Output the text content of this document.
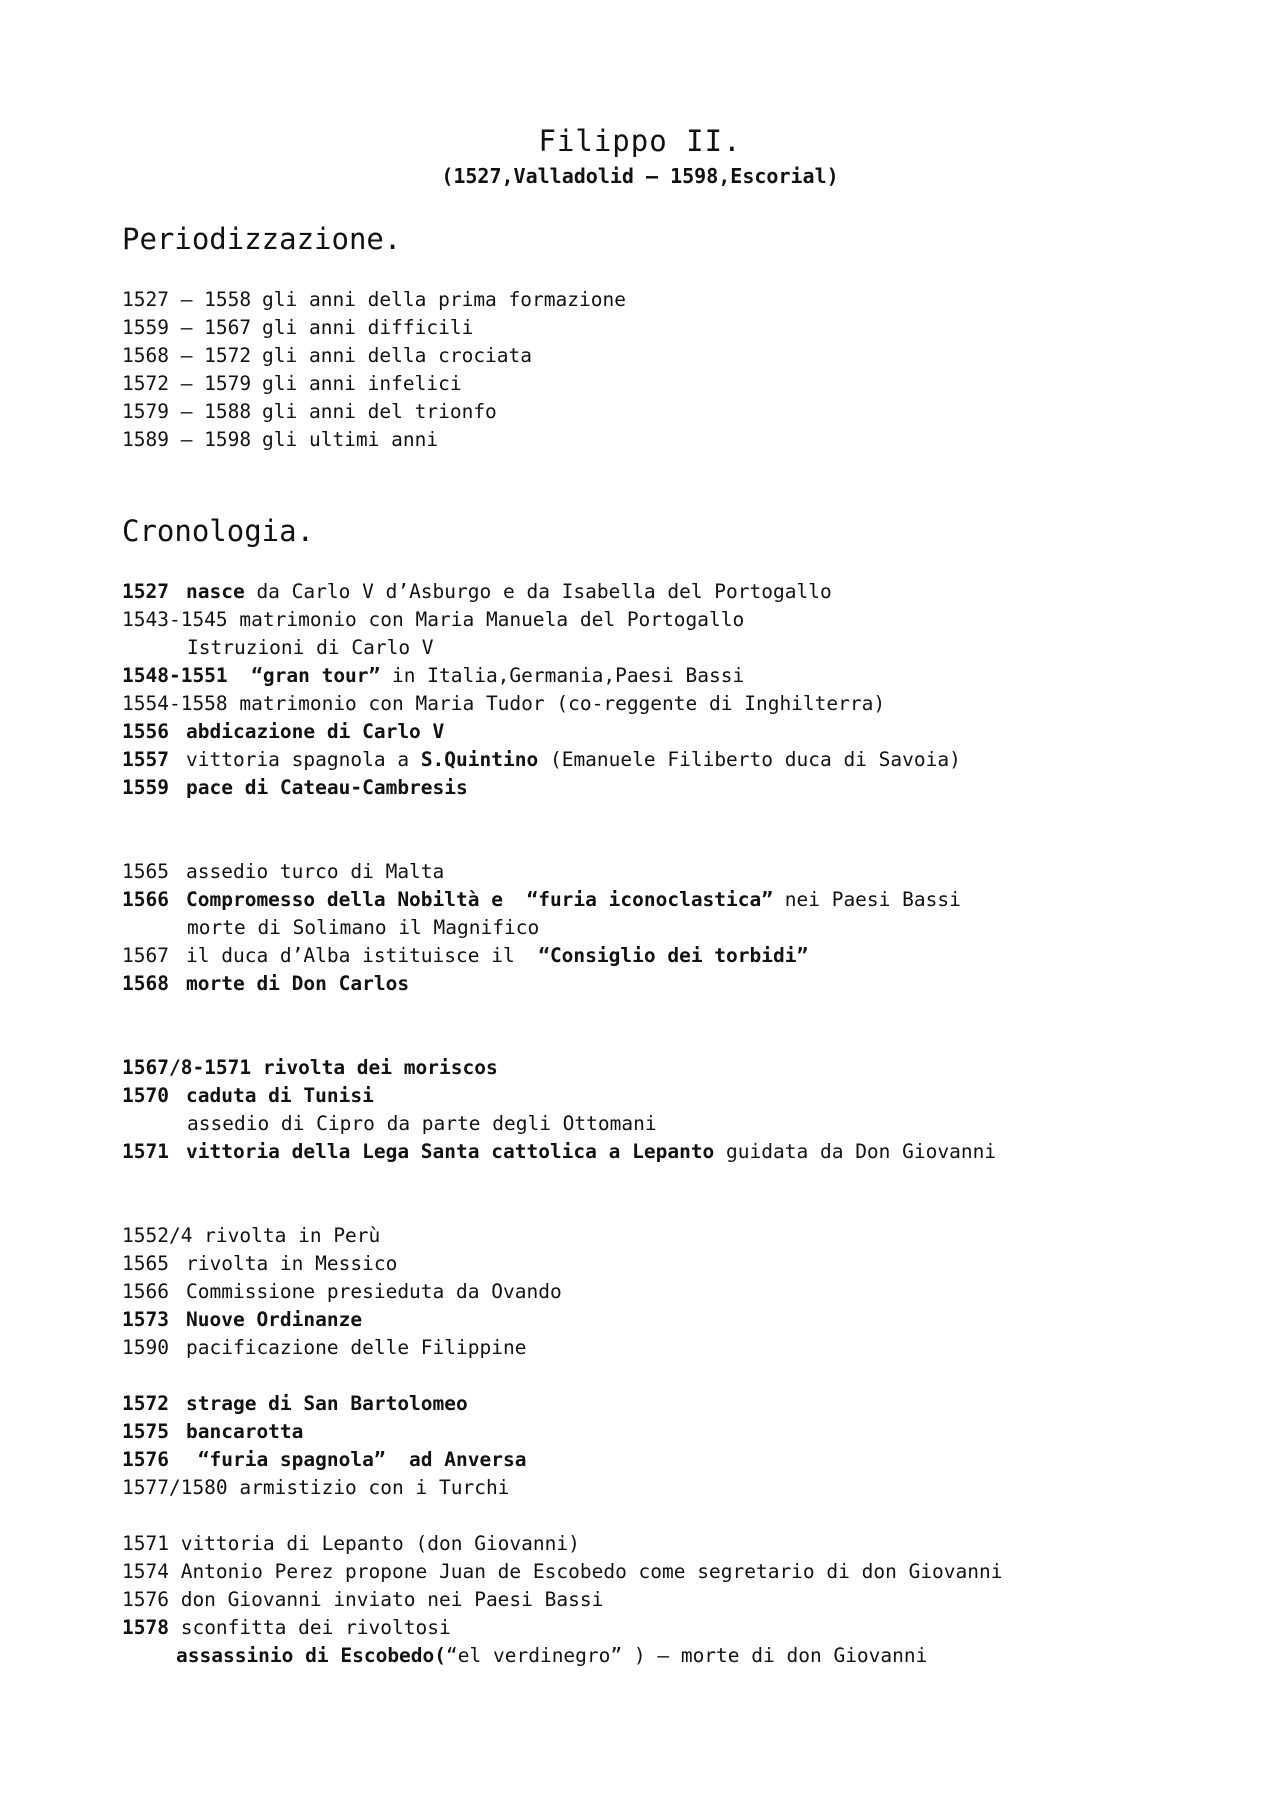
Filippo II.
(1527,Valladolid – 1598,Escorial)
Periodizzazione.
1527 – 1558 gli anni della prima formazione
1559 – 1567 gli anni difficili
1568 – 1572 gli anni della crociata
1572 – 1579 gli anni infelici
1579 – 1588 gli anni del trionfo
1589 – 1598 gli ultimi anni
Cronologia.
1527 nasce da Carlo V d’Asburgo e da Isabella del Portogallo
1543-1545 matrimonio con Maria Manuela del Portogallo
Istruzioni di Carlo V
1548-1551  “gran tour” in Italia,Germania,Paesi Bassi
1554-1558 matrimonio con Maria Tudor (co-reggente di Inghilterra)
1556 abdicazione di Carlo V
1557 vittoria spagnola a S.Quintino (Emanuele Filiberto duca di Savoia)
1559 pace di Cateau-Cambresis
1565 assedio turco di Malta
1566 Compromesso della Nobiltà e  “furia iconoclastica” nei Paesi Bassi
morte di Solimano il Magnifico
1567 il duca d’Alba istituisce il  “Consiglio dei torbidi”
1568 morte di Don Carlos
1567/8-1571 rivolta dei moriscos
1570 caduta di Tunisi
assedio di Cipro da parte degli Ottomani
1571 vittoria della Lega Santa cattolica a Lepanto guidata da Don Giovanni
1552/4 rivolta in Perù
1565 rivolta in Messico
1566 Commissione presieduta da Ovando
1573 Nuove Ordinanze
1590 pacificazione delle Filippine
1572 strage di San Bartolomeo
1575 bancarotta
1576 “furia spagnola”  ad Anversa
1577/1580 armistizio con i Turchi
1571 vittoria di Lepanto (don Giovanni)
1574 Antonio Perez propone Juan de Escobedo come segretario di don Giovanni
1576 don Giovanni inviato nei Paesi Bassi
1578 sconfitta dei rivoltosi
assassinio di Escobedo(“el verdinegro” ) – morte di don Giovanni
